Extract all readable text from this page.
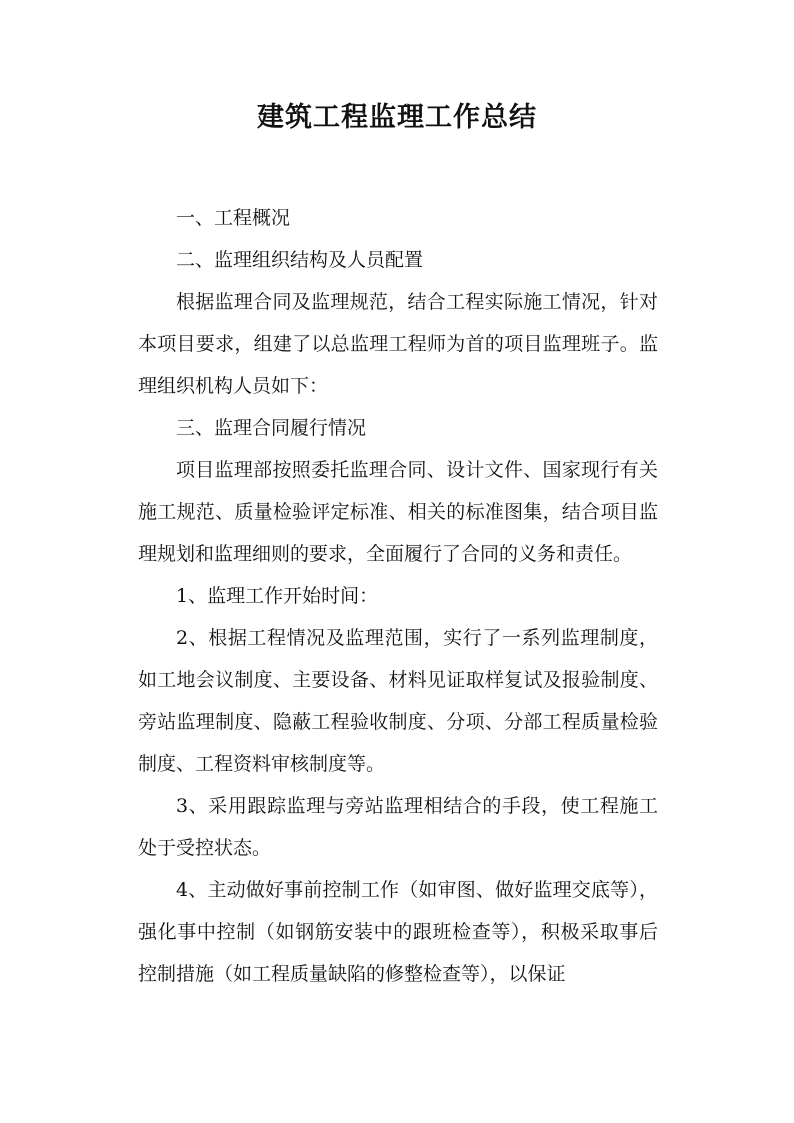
建筑工程监理工作总结

一、工程概况

二、监理组织结构及人员配置

根据监理合同及监理规范，结合工程实际施工情况，针对本项目要求，组建了以总监理工程师为首的项目监理班子。监理组织机构人员如下：

三、监理合同履行情况

项目监理部按照委托监理合同、设计文件、国家现行有关施工规范、质量检验评定标准、相关的标准图集，结合项目监理规划和监理细则的要求，全面履行了合同的义务和责任。

1、监理工作开始时间：

2、根据工程情况及监理范围，实行了一系列监理制度，如工地会议制度、主要设备、材料见证取样复试及报验制度、旁站监理制度、隐蔽工程验收制度、分项、分部工程质量检验制度、工程资料审核制度等。

3、采用跟踪监理与旁站监理相结合的手段，使工程施工处于受控状态。

4、主动做好事前控制工作（如审图、做好监理交底等），强化事中控制（如钢筋安装中的跟班检查等），积极采取事后控制措施（如工程质量缺陷的修整检查等），以保证
